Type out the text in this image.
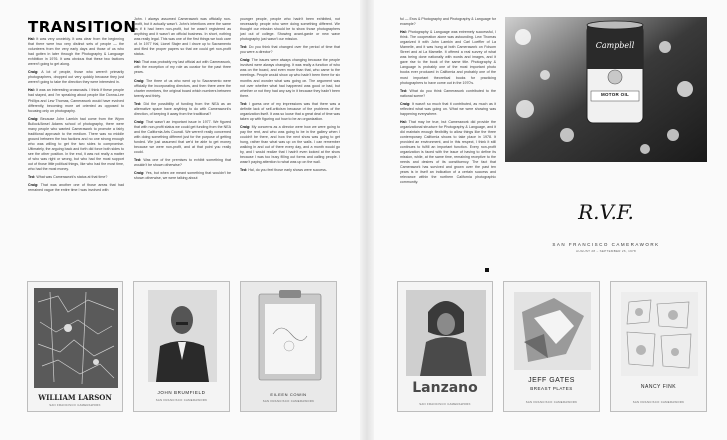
TRANSITION

Hal: It was very unwieldy. It was clear from the beginning that there were two very distinct sets of people — the volunteers from the very early days and those of us who had gotten in later through the Photography & Language exhibition in 1976. It was obvious that these two factions weren't going to get along.

Craig: A lot of people, those who weren't primarily photographers, dropped out very quickly because they just weren't going to take the direction they were interested in.

Hal: It was an interesting crossroads. I think if these people had stayed, and I'm speaking about people like Donna-Lee Phillips and Lew Thomas, Camerawork would have evolved differently, becoming more art oriented as opposed to focusing only on photography.

Craig: Because John Lamkin had come from the Wynn Bullock/Ansel Adams school of photography, there were many people who wanted Camerawork to promote a fairly traditional approach to the medium. There was no middle ground between the two factions and no one strong enough who was willing to get the two sides to compromise. Ultimately, the arguing back and forth did force both sides to see the other position. In the end, it was not really a matter of who was right or wrong, but who had the most support out of those little political things, like who had the most time, who had the most money.

Ted: What was Camerawork's status at that time?

Craig: That was another one of those areas that had remained vague the entire time I was involved with

John. I always assumed Camerawork was officially non-profit, but it actually wasn't. John's intentions were the same as if it had been non-profit, but he wasn't registered as anything and it wasn't an official business. In short, nothing was really legal. This was one of the first things we took care of. In 1977 Hal, Lionel Stajer and I drove up to Sacramento and filed the proper papers so that we could get non-profit status.

Hal: That was probably my last official act with Camerawork, with the exception of my role as curator for the past three years.

Craig: The three of us who went up to Sacramento were officially the incorporating directors, and then there were the charter members, the original board which numbers between twenty and thirty.

Ted: Did the possibility of funding from the NEA as an alternative space have anything to do with Camerawork's direction, of keeping it away from the traditional?

Craig: That wasn't an important issue in 1977. We figured that with non-profit status we could get funding from the NEA and the California Arts Council. We weren't really concerned with doing something different just for the purpose of getting funded. We just assumed that we'd be able to get money because we were non-profit, and at that point you really could.

Ted: Was one of the premises to exhibit something that wouldn't be shown otherwise?

Craig: Yes, but when we meant something that wouldn't be shown otherwise, we were talking about

younger people, people who hadn't been exhibited, not necessarily people who were doing something different. We thought our mission should be to show those photographers just out of college. Showing avant-garde or new wave photography just wasn't our mission.

Ted: Do you think that changed over the period of time that you were a director?

Craig: The issues were always changing because the people involved were always changing. It was really a function of who was on the board, and even more than that, who came to the meetings. People would show up who hadn't been there for six months and wonder what was going on. The argument was not over whether what had happened was good or bad, but whether or not they had any say in it because they hadn't been there.

Ted: I guess one of my impressions was that there was a definite lack of self-criticism because of the problems of the organization itself. It was so loose that a great deal of time was taken up with figuring out how to be an organization.

Craig: My concerns as a director were how we were going to pay the rent, and who was going to be in the gallery when I couldn't be there, and how the next show was going to get hung, rather than what was up on the walls. I can remember walking in and out of there every day, and a month would go by, and I would realize that I hadn't even looked at the show because I was too busy filling out forms and calling people. I wasn't paying attention to what was up on the wall.

Ted: Hal, do you feel those early shows were success-

ful — Eros & Photography and Photography & Language for example?

Hal: Photography & Language was extremely successful, I think. The cooperation alone was astounding. Lew Thomas organized it with John Lamkin and Carl Loeffler of La Mamelle, and it was hung at both Camerawork on Folsom Street and at La Mamelle. It offered a real survey of what was being done nationally with words and images, and it gave rise to the book of the same title. Photography & Language is probably one of the most important photo books ever produced in California and probably one of the most important theoretical books for practicing photographers to have come out in the 1970's.

Ted: What do you think Camerawork contributed to the national scene?

Craig: It wasn't so much that it contributed, as much as it reflected what was going on. What we were showing was happening everywhere.

Hal: That may be true, but Camerawork did provide the organizational structure for Photography & Language, and it did maintain enough flexibility to allow things like the three contemporary California shows to take place in 1978. It provided an environment, and in this respect, I think it still continues to fulfill an important function. Every non-profit organization is faced with the issue of having to define its mission, while, at the same time, remaining receptive to the needs and desires of its constituency. The fact that Camerawork has survived and grown over the past ten years is in itself an indication of a certain success and relevance within the northern California photographic community.

Campbell
MOTOR OIL
R.V.F.
SAN FRANCISCO CAMERAWORK
AUGUST 28 – SEPTEMBER 26, 1978
WILLIAM LARSON
SAN FRANCISCO CAMERAWORK
JOHN BRUMFIELD
SAN FRANCISCO CAMERAWORK
EILEEN COWIN
SAN FRANCISCO CAMERAWORK
Lanzano
SAN FRANCISCO CAMERAWORK
JEFF GATES
BREAST PLATES
SAN FRANCISCO CAMERAWORK
NANCY FINK
SAN FRANCISCO CAMERAWORK
